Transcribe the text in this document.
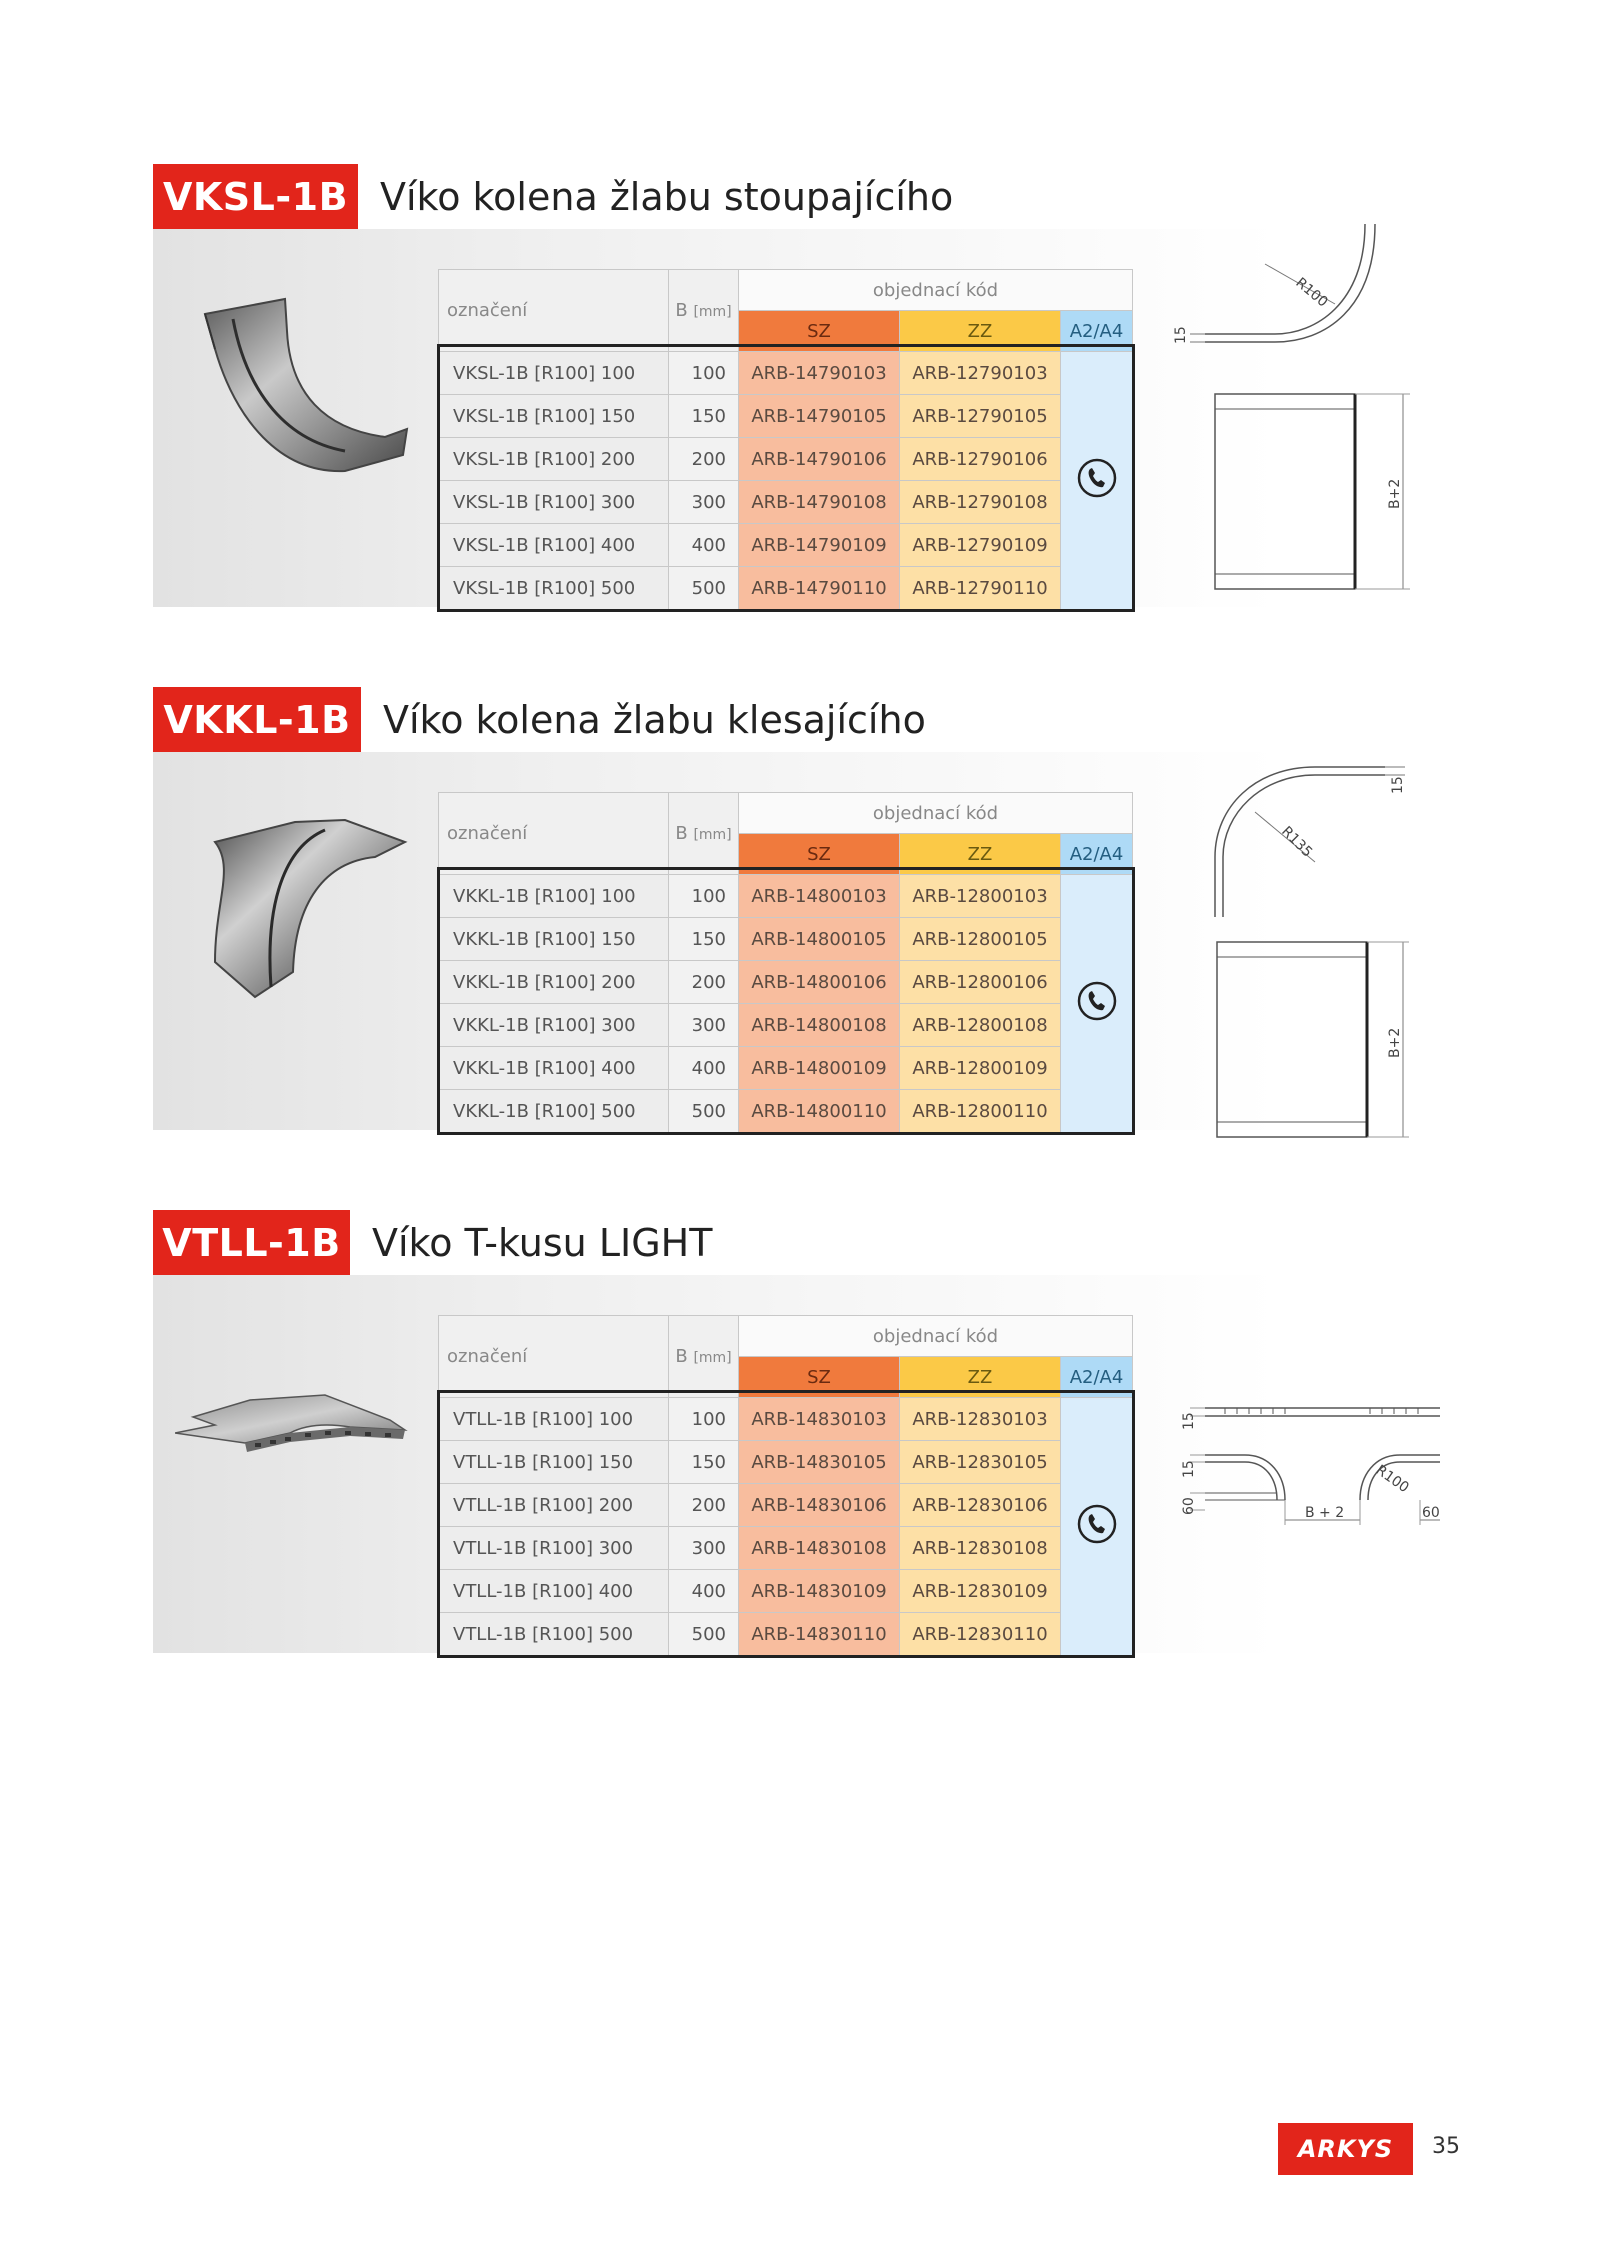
VKSL-1B Víko kolena žlabu stoupajícího
označení	B [mm]	objednací kód		
		SZ	ZZ	A2/A4
VKSL-1B [R100] 100	100	ARB-14790103	ARB-12790103	
VKSL-1B [R100] 150	150	ARB-14790105	ARB-12790105	
VKSL-1B [R100] 200	200	ARB-14790106	ARB-12790106	
VKSL-1B [R100] 300	300	ARB-14790108	ARB-12790108	
VKSL-1B [R100] 400	400	ARB-14790109	ARB-12790109	
VKSL-1B [R100] 500	500	ARB-14790110	ARB-12790110	
R100
15
B+2
VKKL-1B Víko kolena žlabu klesajícího
označení	B [mm]	objednací kód		
		SZ	ZZ	A2/A4
VKKL-1B [R100] 100	100	ARB-14800103	ARB-12800103	
VKKL-1B [R100] 150	150	ARB-14800105	ARB-12800105	
VKKL-1B [R100] 200	200	ARB-14800106	ARB-12800106	
VKKL-1B [R100] 300	300	ARB-14800108	ARB-12800108	
VKKL-1B [R100] 400	400	ARB-14800109	ARB-12800109	
VKKL-1B [R100] 500	500	ARB-14800110	ARB-12800110	
R135
15
B+2
VTLL-1B Víko T-kusu LIGHT
označení	B [mm]	objednací kód		
		SZ	ZZ	A2/A4
VTLL-1B [R100] 100	100	ARB-14830103	ARB-12830103	
VTLL-1B [R100] 150	150	ARB-14830105	ARB-12830105	
VTLL-1B [R100] 200	200	ARB-14830106	ARB-12830106	
VTLL-1B [R100] 300	300	ARB-14830108	ARB-12830108	
VTLL-1B [R100] 400	400	ARB-14830109	ARB-12830109	
VTLL-1B [R100] 500	500	ARB-14830110	ARB-12830110	
15
15
60
R100
B + 2	60
ARKYS	35
